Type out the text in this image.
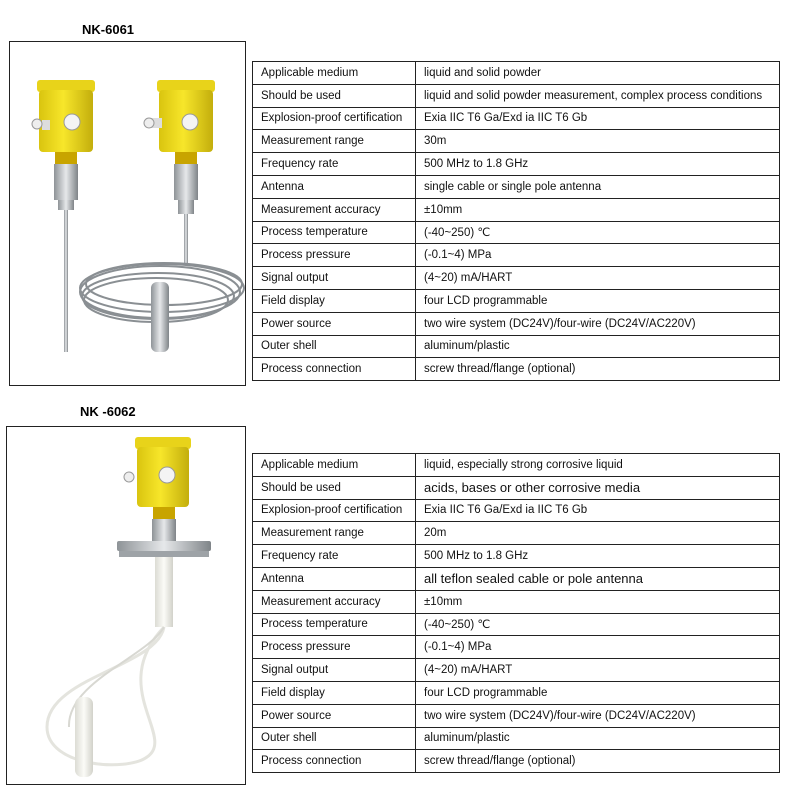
NK-6061
Applicable medium	liquid and solid powder
Should be used	liquid and solid powder measurement, complex process conditions
Explosion-proof certification	Exia IIC T6 Ga/Exd ia IIC T6 Gb
Measurement range	30m
Frequency rate	500 MHz to 1.8 GHz
Antenna	single cable or single pole antenna
Measurement accuracy	±10mm
Process temperature	(-40~250) ℃
Process pressure	(-0.1~4) MPa
Signal output	(4~20) mA/HART
Field display	four LCD programmable
Power source	two wire system (DC24V)/four-wire (DC24V/AC220V)
Outer shell	aluminum/plastic
Process connection	screw thread/flange (optional)
NK -6062
Applicable medium	liquid, especially strong corrosive liquid
Should be used	acids, bases or other corrosive media
Explosion-proof certification	Exia IIC T6 Ga/Exd ia IIC T6 Gb
Measurement range	20m
Frequency rate	500 MHz to 1.8 GHz
Antenna	all teflon sealed cable or pole antenna
Measurement accuracy	±10mm
Process temperature	(-40~250) ℃
Process pressure	(-0.1~4) MPa
Signal output	(4~20) mA/HART
Field display	four LCD programmable
Power source	two wire system (DC24V)/four-wire (DC24V/AC220V)
Outer shell	aluminum/plastic
Process connection	screw thread/flange (optional)
